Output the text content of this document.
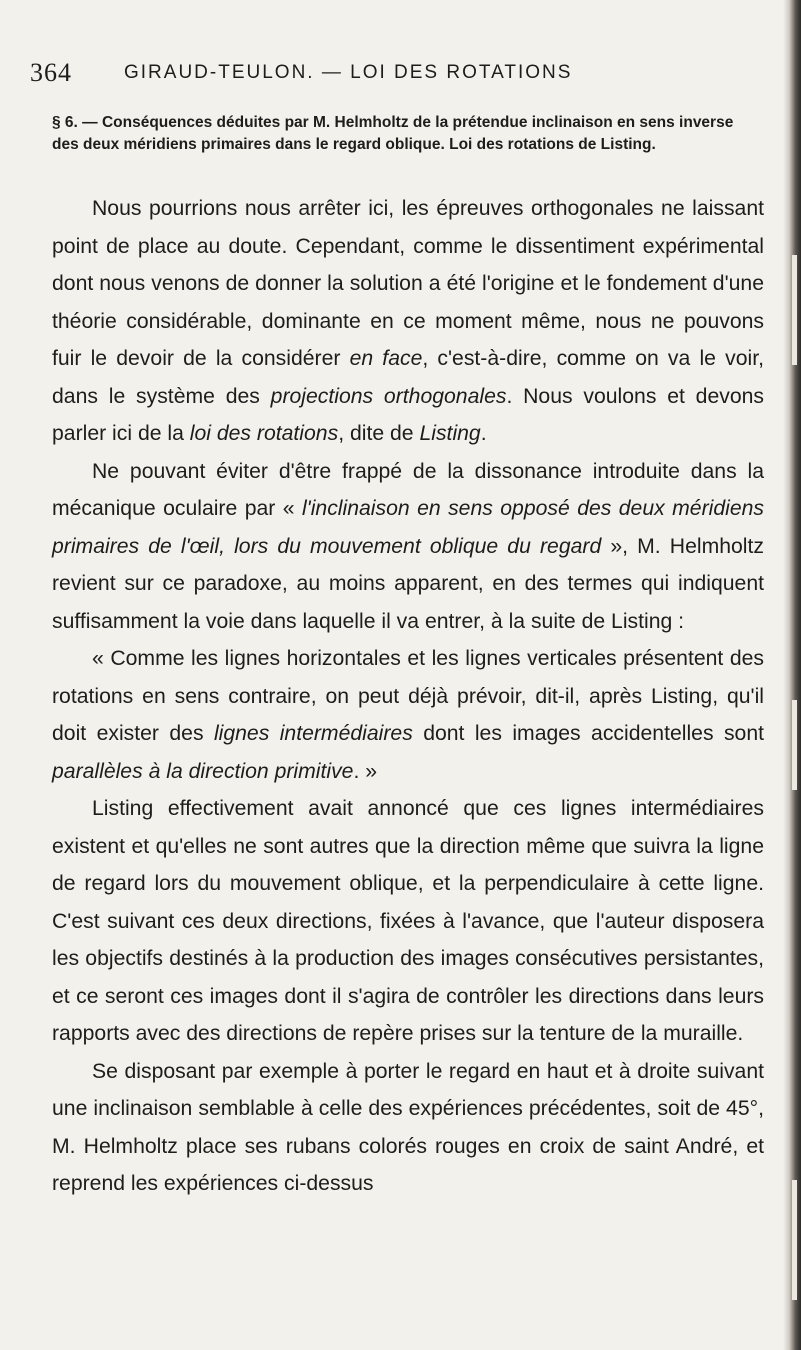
364	GIRAUD-TEULON. — LOI DES ROTATIONS
§ 6. — Conséquences déduites par M. Helmholtz de la prétendue inclinaison en sens inverse des deux méridiens primaires dans le regard oblique. Loi des rotations de Listing.

Nous pourrions nous arrêter ici, les épreuves orthogonales ne laissant point de place au doute. Cependant, comme le dissentiment expérimental dont nous venons de donner la solution a été l'origine et le fondement d'une théorie considérable, dominante en ce moment même, nous ne pouvons fuir le devoir de la considérer en face, c'est-à-dire, comme on va le voir, dans le système des projections orthogonales. Nous voulons et devons parler ici de la loi des rotations, dite de Listing.

Ne pouvant éviter d'être frappé de la dissonance introduite dans la mécanique oculaire par « l'inclinaison en sens opposé des deux méridiens primaires de l'œil, lors du mouvement oblique du regard », M. Helmholtz revient sur ce paradoxe, au moins apparent, en des termes qui indiquent suffisamment la voie dans laquelle il va entrer, à la suite de Listing :

« Comme les lignes horizontales et les lignes verticales présentent des rotations en sens contraire, on peut déjà prévoir, dit-il, après Listing, qu'il doit exister des lignes intermédiaires dont les images accidentelles sont parallèles à la direction primitive. »

Listing effectivement avait annoncé que ces lignes intermédiaires existent et qu'elles ne sont autres que la direction même que suivra la ligne de regard lors du mouvement oblique, et la perpendiculaire à cette ligne. C'est suivant ces deux directions, fixées à l'avance, que l'auteur disposera les objectifs destinés à la production des images consécutives persistantes, et ce seront ces images dont il s'agira de contrôler les directions dans leurs rapports avec des directions de repère prises sur la tenture de la muraille.

Se disposant par exemple à porter le regard en haut et à droite suivant une inclinaison semblable à celle des expériences précédentes, soit de 45°, M. Helmholtz place ses rubans colorés rouges en croix de saint André, et reprend les expériences ci-dessus
